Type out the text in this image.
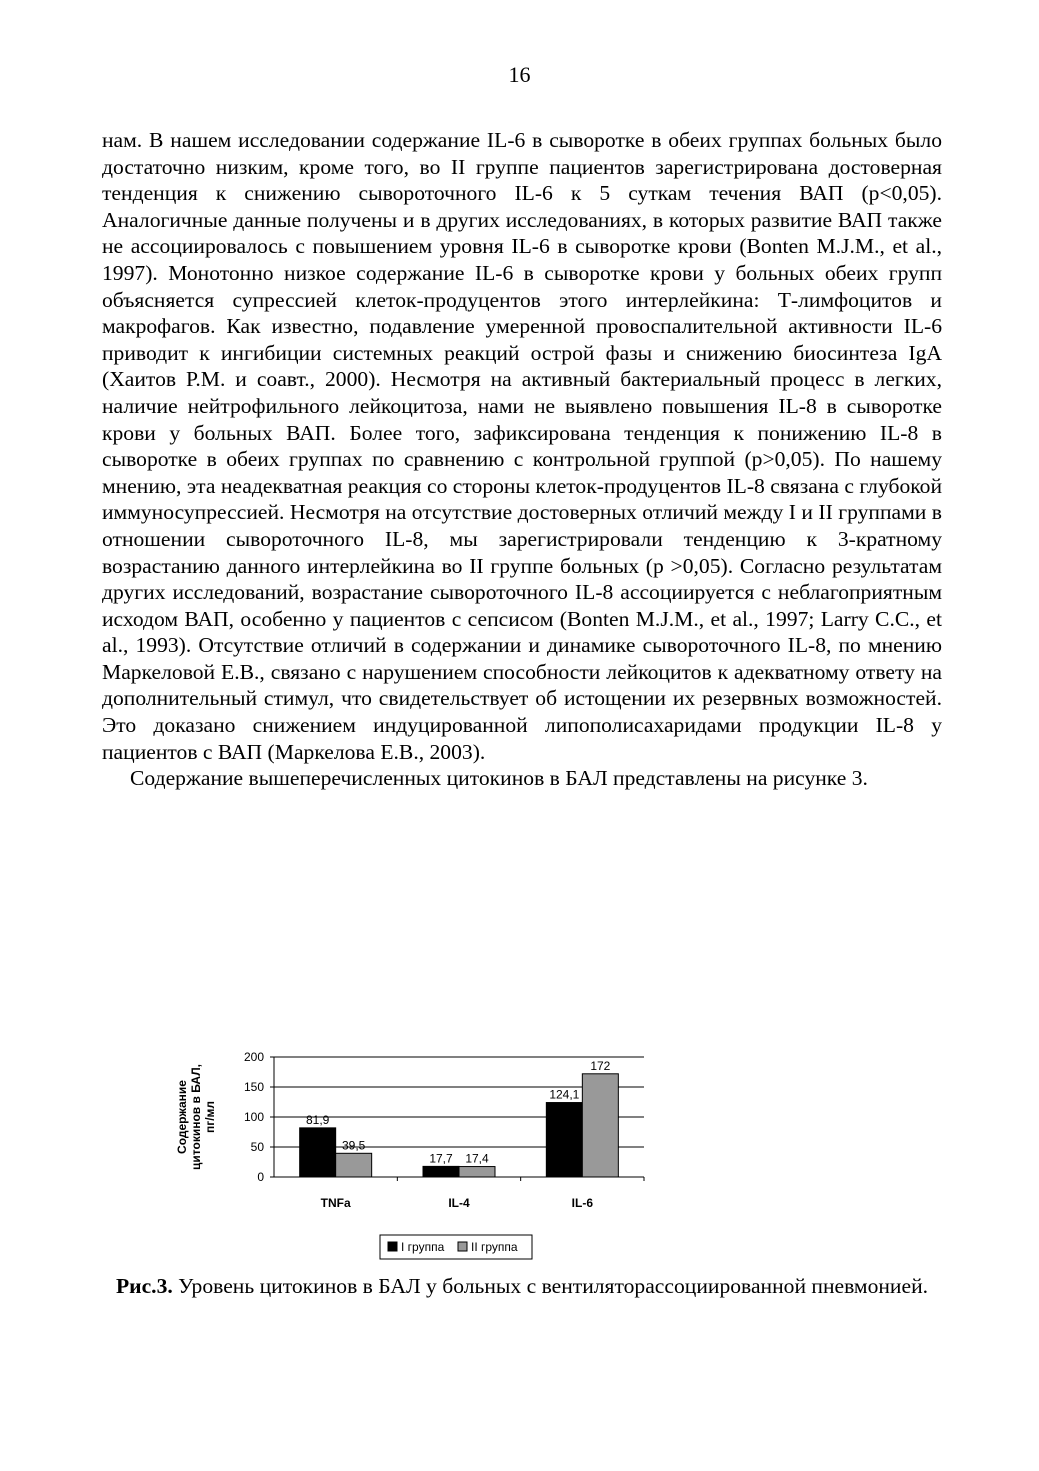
16

нам. В нашем исследовании содержание IL-6 в сыворотке в обеих группах больных было достаточно низким, кроме того, во II группе пациентов зарегистрирована достоверная тенденция к снижению сывороточного IL-6 к 5 суткам течения ВАП (р<0,05). Аналогичные данные получены и в других исследованиях, в которых развитие ВАП также не ассоциировалось с повышением уровня IL-6 в сыворотке крови (Bonten M.J.M., et al., 1997). Монотонно низкое содержание IL-6 в сыворотке крови у больных обеих групп объясняется супрессией клеток-продуцентов этого интерлейкина: Т-лимфоцитов и макрофагов. Как известно, подавление умеренной провоспалительной активности IL-6 приводит к ингибиции системных реакций острой фазы и снижению биосинтеза IgA (Хаитов Р.М. и соавт., 2000). Несмотря на активный бактериальный процесс в легких, наличие нейтрофильного лейкоцитоза, нами не выявлено повышения IL-8 в сыворотке крови у больных ВАП. Более того, зафиксирована тенденция к понижению IL-8 в сыворотке в обеих группах по сравнению с контрольной группой (р>0,05). По нашему мнению, эта неадекватная реакция со стороны клеток-продуцентов IL-8 связана с глубокой иммуносупрессией. Несмотря на отсутствие достоверных отличий между I и II группами в отношении сывороточного IL-8, мы зарегистрировали тенденцию к 3-кратному возрастанию данного интерлейкина во II группе больных (р >0,05). Согласно результатам других исследований, возрастание сывороточного IL-8 ассоциируется с неблагоприятным исходом ВАП, особенно у пациентов с сепсисом (Bonten M.J.M., et al., 1997; Larry C.C., et al., 1993). Отсутствие отличий в содержании и динамике сывороточного IL-8, по мнению Маркеловой Е.В., связано с нарушением способности лейкоцитов к адекватному ответу на дополнительный стимул, что свидетельствует об истощении их резервных возможностей. Это доказано снижением индуцированной липополисахаридами продукции IL-8 у пациентов с ВАП (Маркелова Е.В., 2003).

Содержание вышеперечисленных цитокинов в БАЛ представлены на рисунке 3.

0
50
100
150
200
Содержание цитокинов в БАЛ, пг/мл	81,9
39,5
TNFa
17,7 17,4
IL-4
124,1
172
IL-6
I группа II группа
Рис.3. Уровень цитокинов в БАЛ у больных с вентиляторассоциированной пневмонией.
